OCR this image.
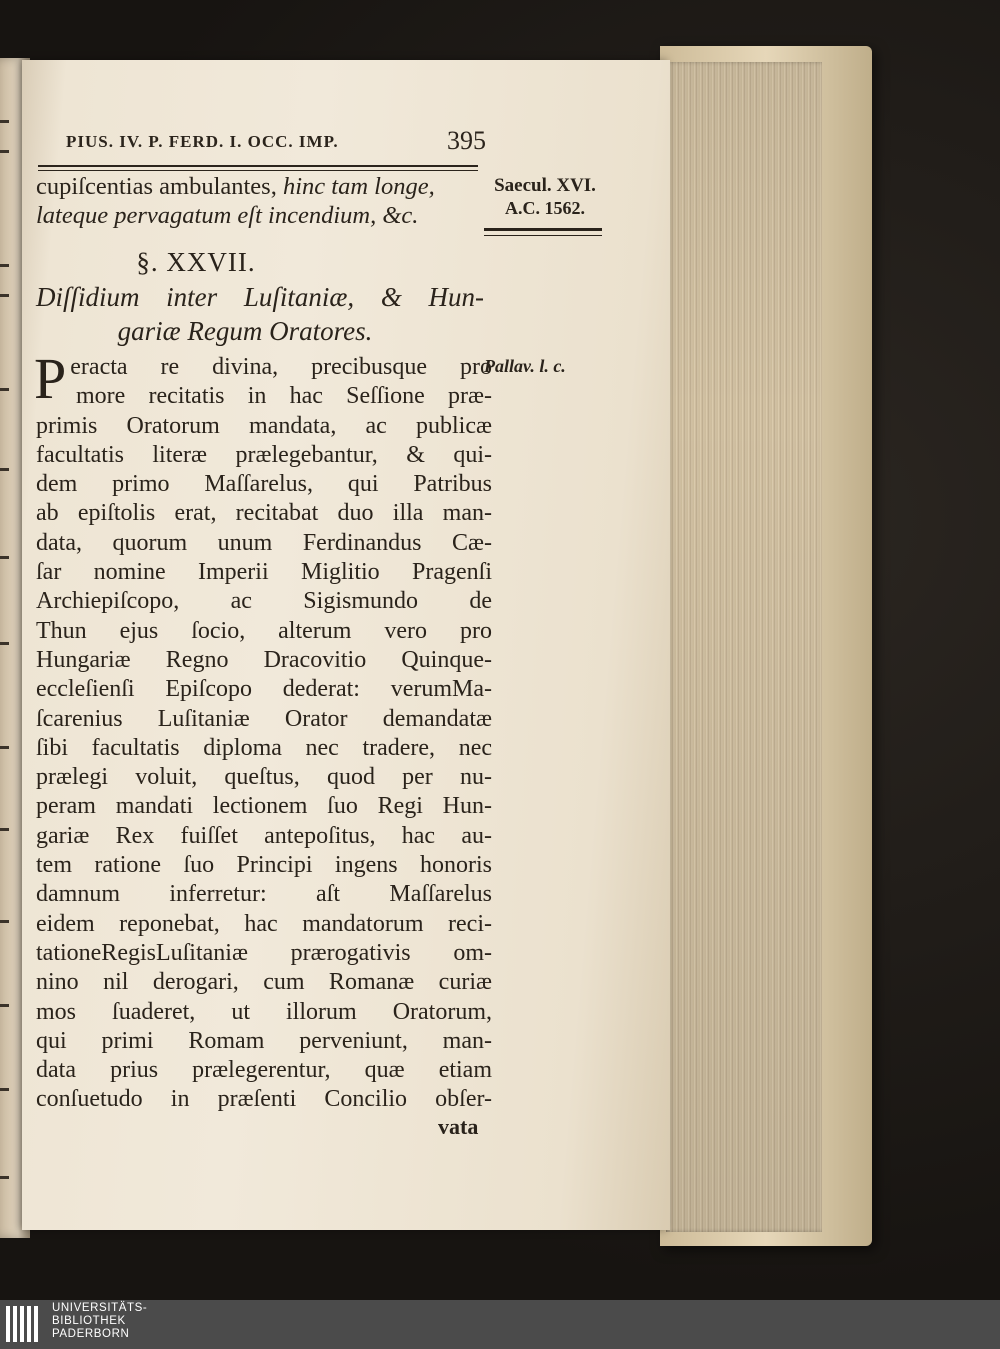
PIUS. IV. P. FERD. I. OCC. IMP.	395
cupiſcentias ambulantes, hinc tam longe,
lateque pervagatum eſt incendium, &c.
§. XXVII.
Diſſidium inter Luſitaniæ, & Hun-
gariæ Regum Oratores.
P eracta re divina, precibusque pro
more recitatis in hac Seſſione præ-
primis Oratorum mandata, ac publicæ
facultatis literæ prælegebantur, & qui-
dem primo Maſſarelus, qui Patribus
ab epiſtolis erat, recitabat duo illa man-
data, quorum unum Ferdinandus Cæ-
ſar nomine Imperii Miglitio Pragenſi
Archiepiſcopo, ac Sigismundo de
Thun ejus ſocio, alterum vero pro
Hungariæ Regno Dracovitio Quinque-
eccleſienſi Epiſcopo dederat: verumMa-
ſcarenius Luſitaniæ Orator demandatæ
ſibi facultatis diploma nec tradere, nec
prælegi voluit, queſtus, quod per nu-
peram mandati lectionem ſuo Regi Hun-
gariæ Rex fuiſſet antepoſitus, hac au-
tem ratione ſuo Principi ingens honoris
damnum inferretur: aſt Maſſarelus
eidem reponebat, hac mandatorum reci-
tationeRegisLuſitaniæ prærogativis om-
nino nil derogari, cum Romanæ curiæ
mos ſuaderet, ut illorum Oratorum,
qui primi Romam perveniunt, man-
data prius prælegerentur, quæ etiam
conſuetudo in præſenti Concilio obſer-
vata
Saecul. XVI.
A.C. 1562.
Pallav. l. c.
UNIVERSITÄTS-
BIBLIOTHEK
PADERBORN
